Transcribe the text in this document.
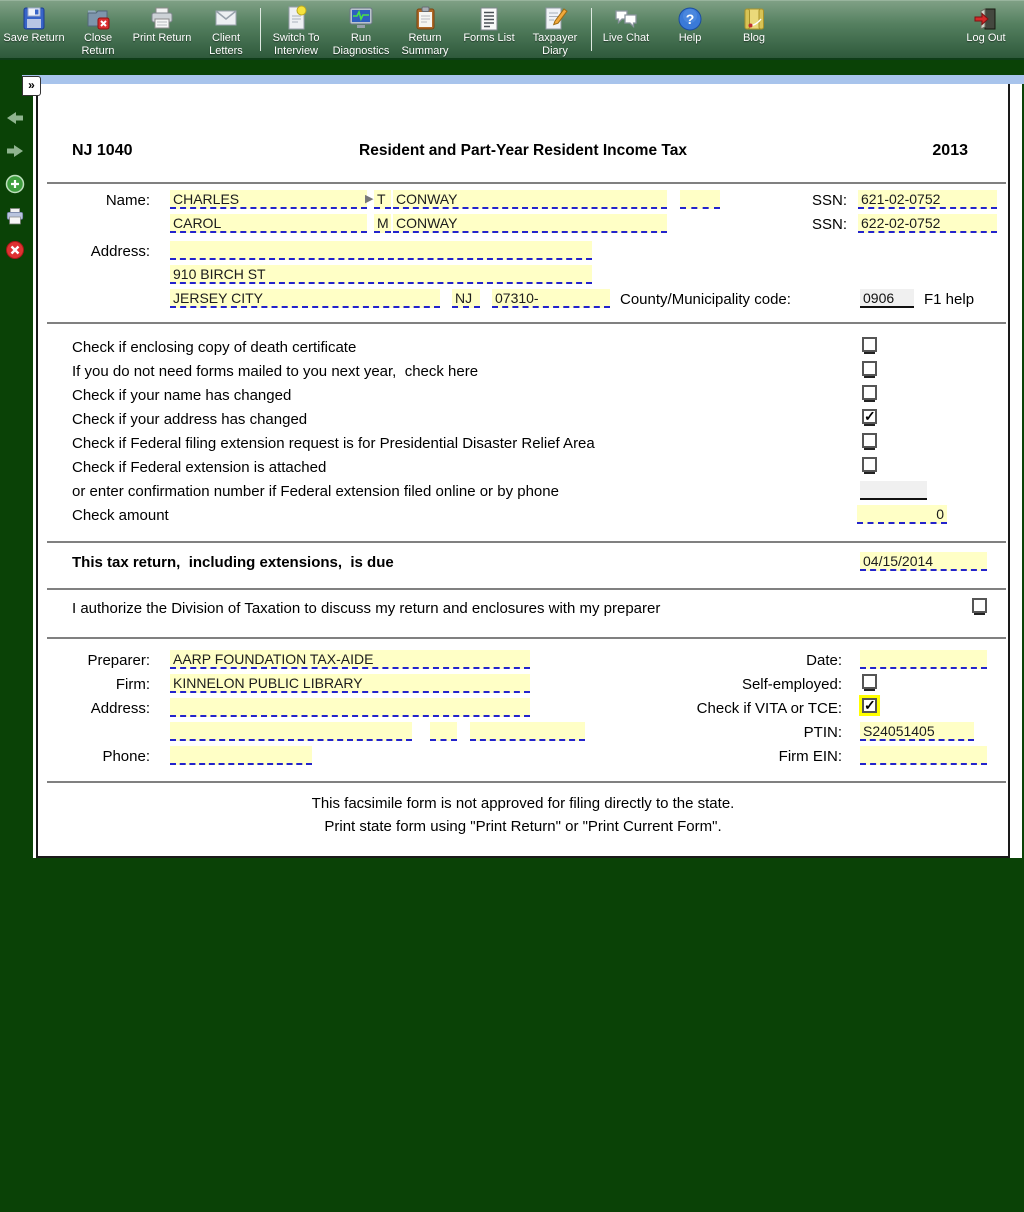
Save Return	Close Return
Print Return	Client Letters
Switch To Interview
Run Diagnostics
Return Summary
Forms List	Taxpayer Diary
Live Chat
?
Help	Blog	Log Out
»
NJ 1040	Resident and Part-Year Resident Income Tax	2013
Name: CHARLES	▶ T CONWAY	SSN: 621-02-0752
CAROL	M CONWAY	SSN: 622-02-0752
Address:
910 BIRCH ST
JERSEY CITY	NJ	07310-	County/Municipality code:	0906	F1 help
Check if enclosing copy of death certificate
If you do not need forms mailed to you next year,  check here
Check if your name has changed
Check if your address has changed
✓
Check if Federal filing extension request is for Presidential Disaster Relief Area
Check if Federal extension is attached
or enter confirmation number if Federal extension filed online or by phone
Check amount	0
This tax return,  including extensions,  is due	04/15/2014
I authorize the Division of Taxation to discuss my return and enclosures with my preparer
Preparer: AARP FOUNDATION TAX-AIDE	Date:
Firm: KINNELON PUBLIC LIBRARY	Self-employed:
Address:	Check if VITA or TCE:
✓
PTIN: S24051405
Phone:	Firm EIN:
This facsimile form is not approved for filing directly to the state.
Print state form using "Print Return" or "Print Current Form".
